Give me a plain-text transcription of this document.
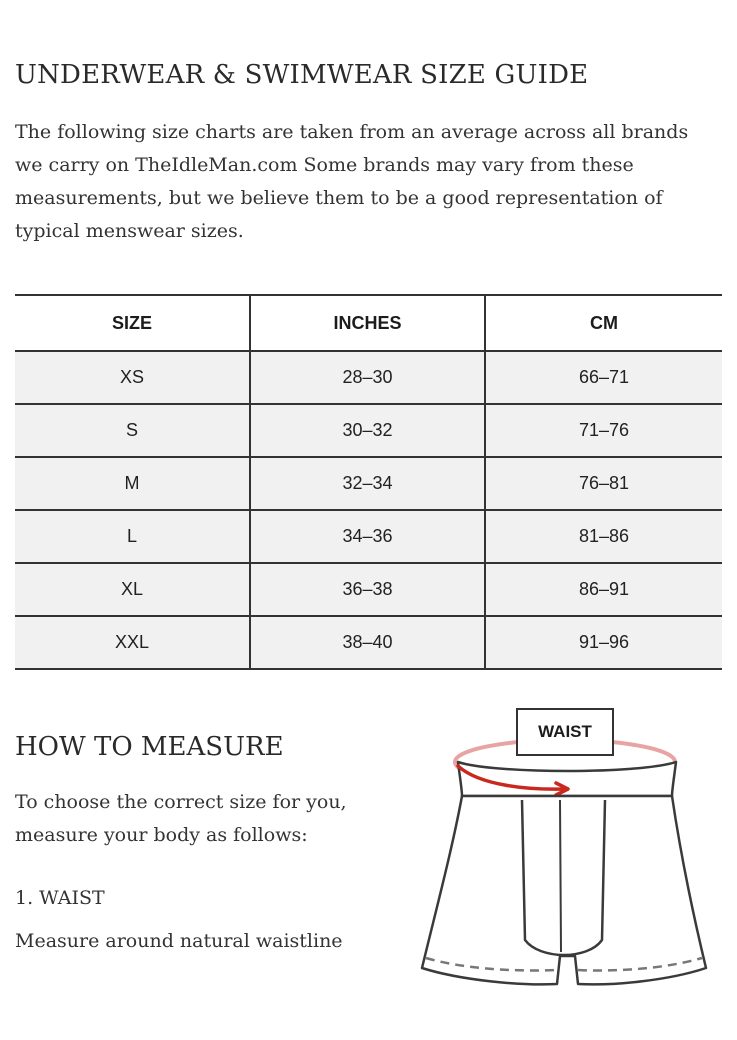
UNDERWEAR & SWIMWEAR SIZE GUIDE

The following size charts are taken from an average across all brands we carry on TheIdleMan.com Some brands may vary from these measurements, but we believe them to be a good representation of typical menswear sizes.

SIZE	INCHES	CM
XS	28–30	66–71
S	30–32	71–76
M	32–34	76–81
L	34–36	81–86
XL	36–38	86–91
XXL	38–40	91–96
HOW TO MEASURE

To choose the correct size for you, measure your body as follows:

1. WAIST

Measure around natural waistline

WAIST
